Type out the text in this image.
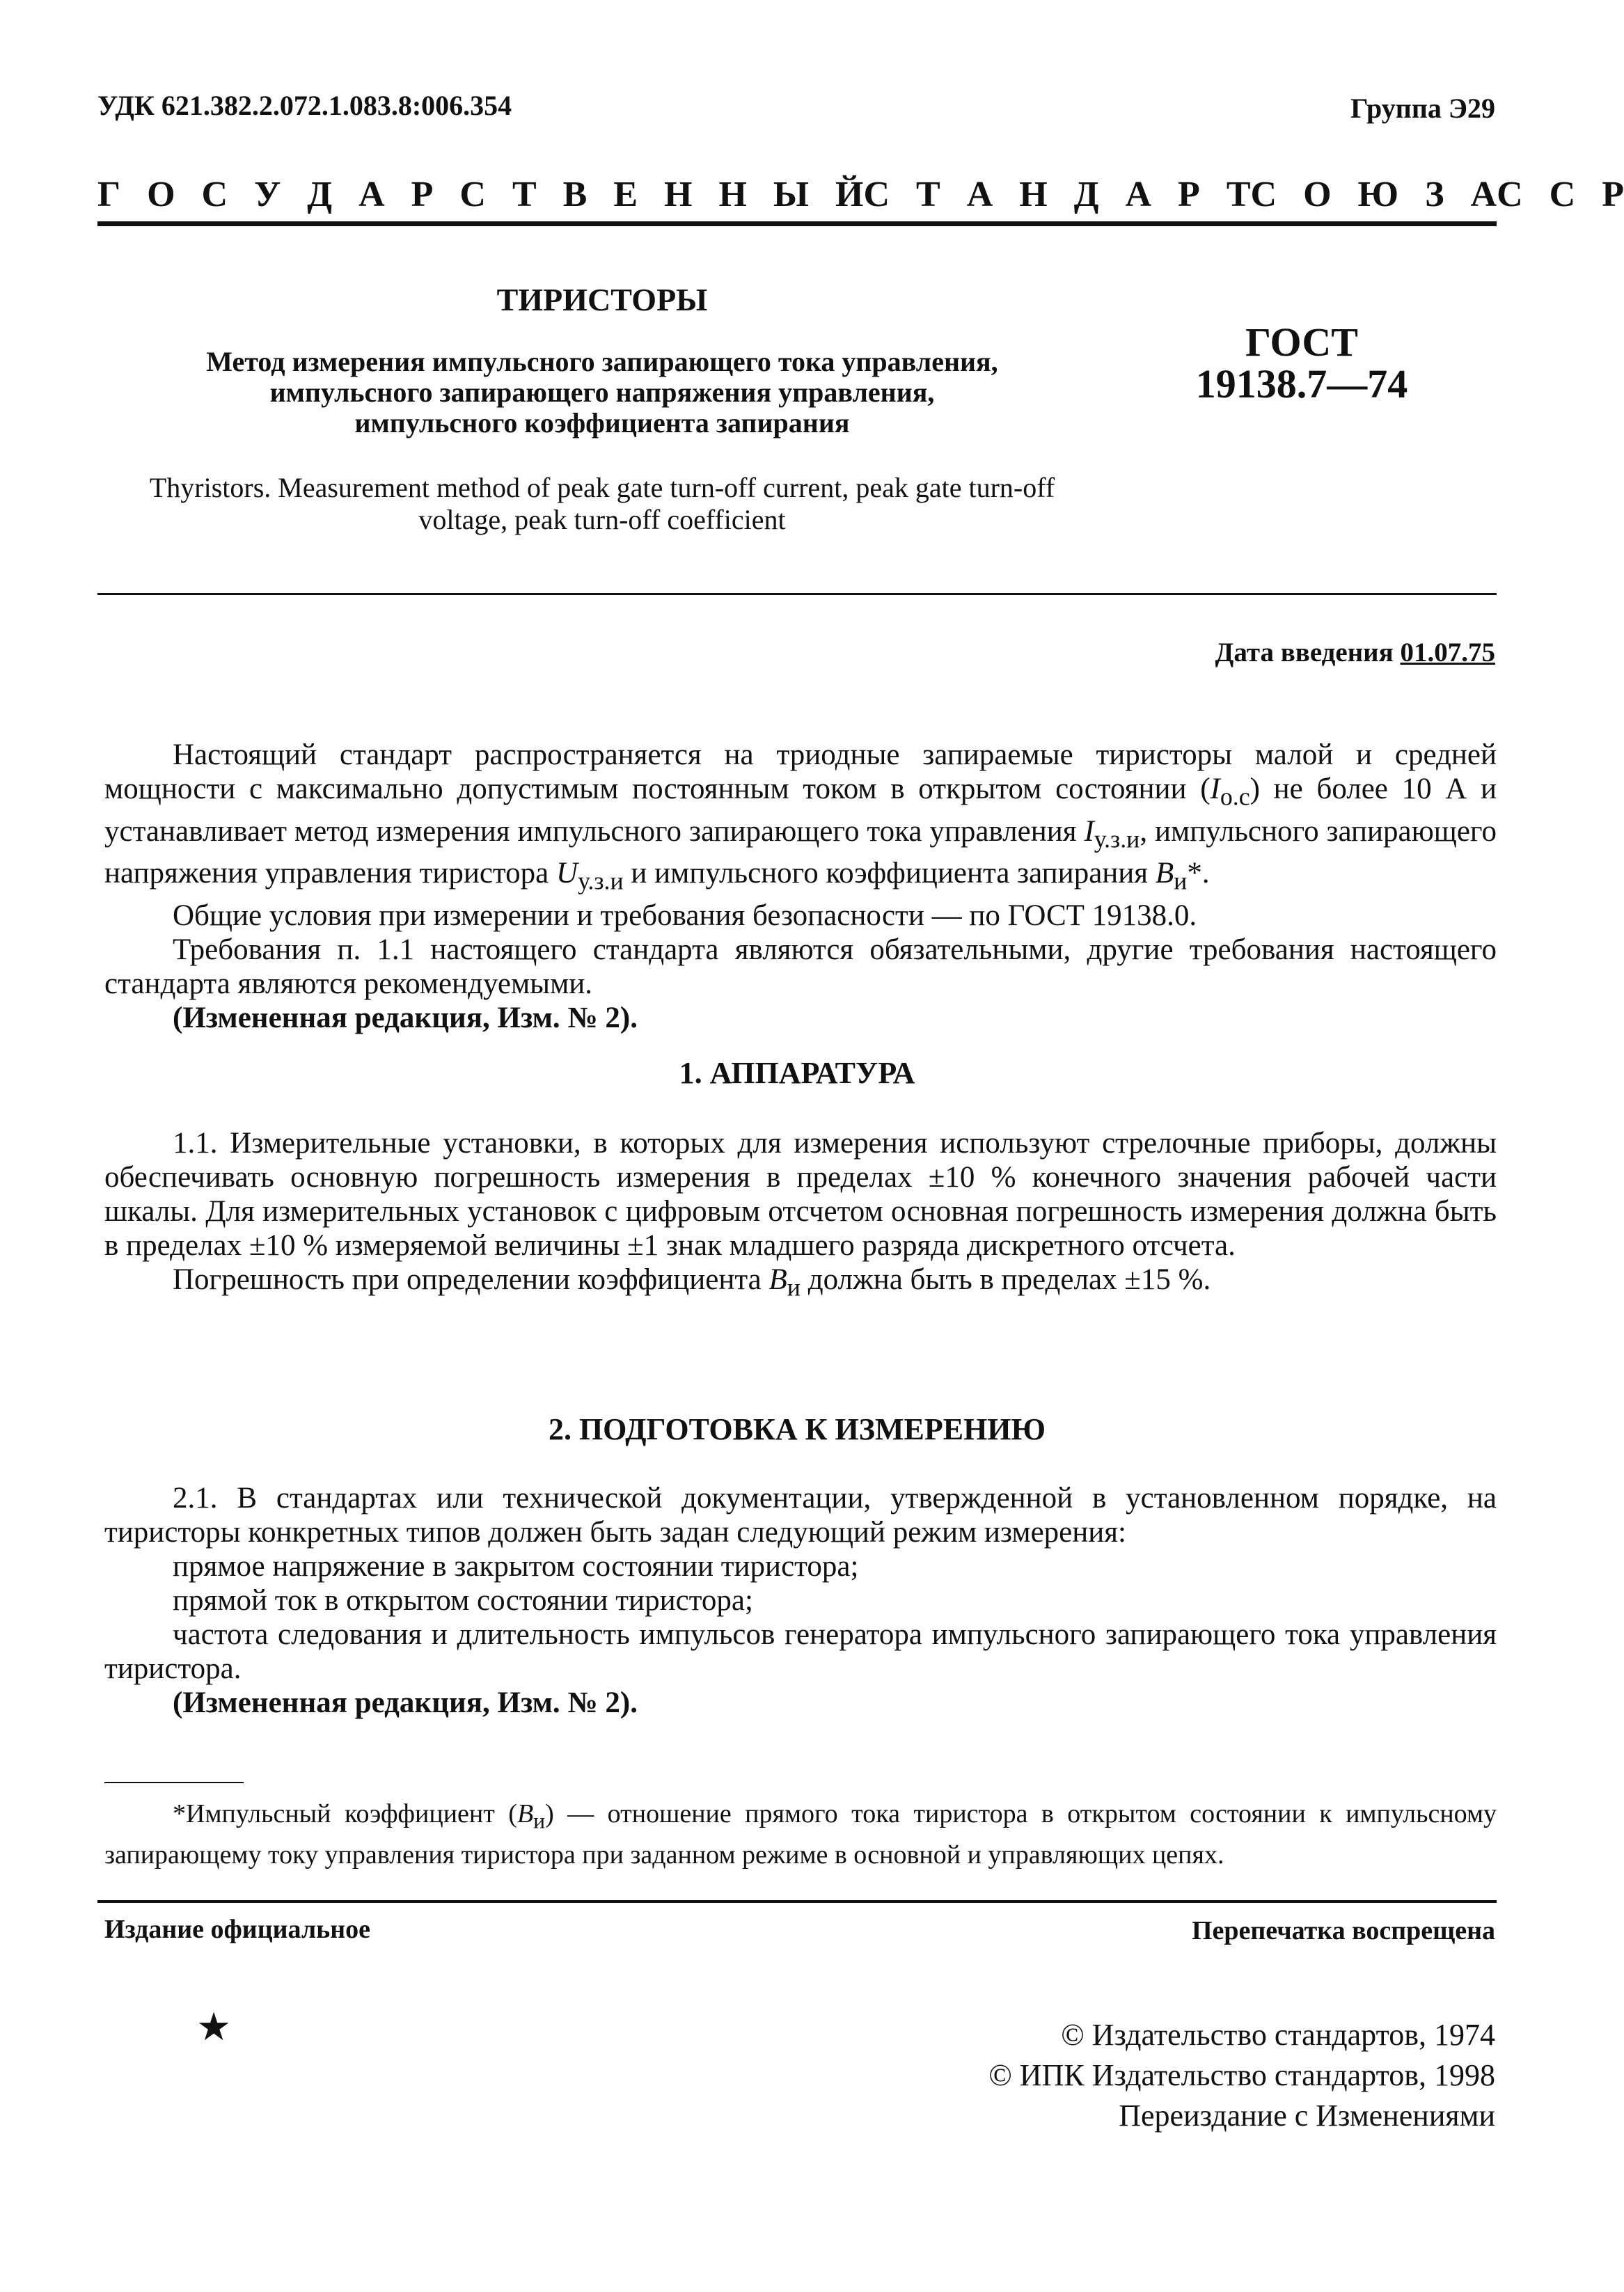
УДК 621.382.2.072.1.083.8:006.354	Группа Э29
Г О С У Д А Р С Т В Е Н Н Ы Й С Т А Н Д А Р Т С О Ю З А С С Р
ТИРИСТОРЫ
Метод измерения импульсного запирающего тока управления,
импульсного запирающего напряжения управления,
импульсного коэффициента запирания
ГОСТ
19138.7—74
Thyristors. Measurement method of peak gate turn-off current, peak gate turn-off
voltage, peak turn-off coefficient
Дата введения 01.07.75

Настоящий стандарт распространяется на триодные запираемые тиристоры малой и средней мощности с максимально допустимым постоянным током в открытом состоянии $(I_{о.с})$ не более 10 А и устанавливает метод измерения импульсного запирающего тока управления $I_{у.з.и}$, импульсного запирающего напряжения управления тиристора $U_{у.з.и}$ и импульсного коэффициента запирания $B_и*$.

Общие условия при измерении и требования безопасности — по ГОСТ 19138.0.

Требования п. 1.1 настоящего стандарта являются обязательными, другие требования настоящего стандарта являются рекомендуемыми.

(Измененная редакция, Изм. № 2).

1. АППАРАТУРА

1.1. Измерительные установки, в которых для измерения используют стрелочные приборы, должны обеспечивать основную погрешность измерения в пределах ±10 % конечного значения рабочей части шкалы. Для измерительных установок с цифровым отсчетом основная погрешность измерения должна быть в пределах ±10 % измеряемой величины ±1 знак младшего разряда дискретного отсчета.

Погрешность при определении коэффициента $B_и$ должна быть в пределах ±15 %.

2. ПОДГОТОВКА К ИЗМЕРЕНИЮ

2.1. В стандартах или технической документации, утвержденной в установленном порядке, на тиристоры конкретных типов должен быть задан следующий режим измерения:

прямое напряжение в закрытом состоянии тиристора;

прямой ток в открытом состоянии тиристора;

частота следования и длительность импульсов генератора импульсного запирающего тока управления тиристора.

(Измененная редакция, Изм. № 2).

*Импульсный коэффициент $(B_и)$ — отношение прямого тока тиристора в открытом состоянии к импульсному запирающему току управления тиристора при заданном режиме в основной и управляющих цепях.

Издание официальное	Перепечатка воспрещена
★	© Издательство стандартов, 1974
© ИПК Издательство стандартов, 1998
Переиздание с Изменениями
